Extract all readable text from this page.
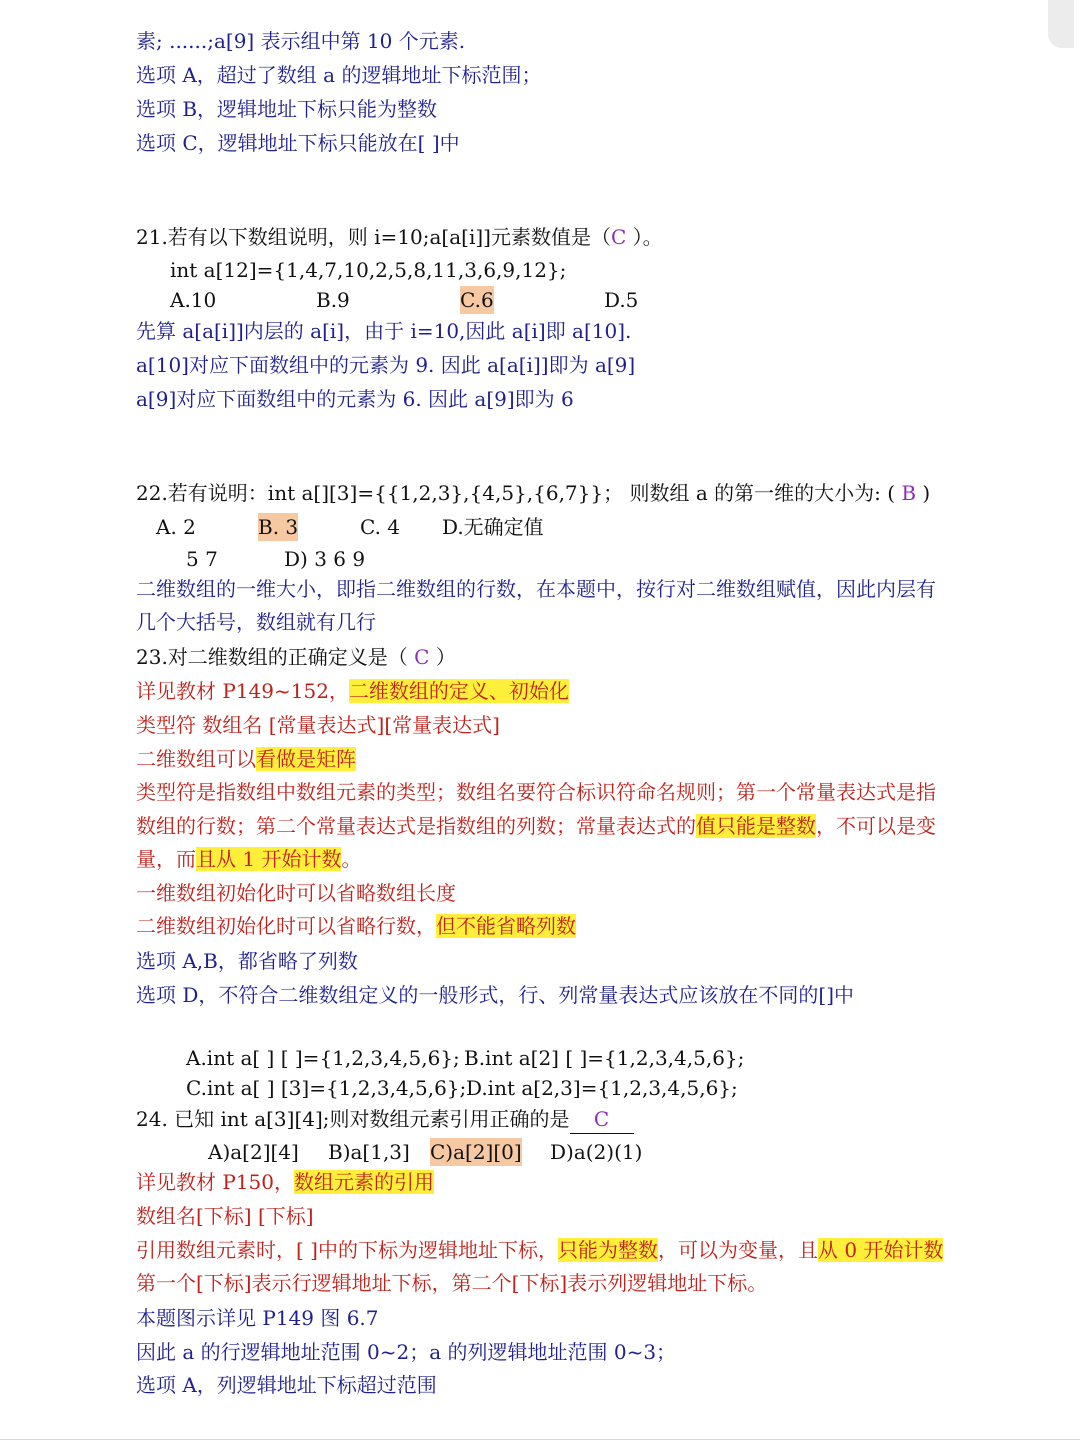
素; ......;a[9] 表示组中第 10 个元素.
选项 A，超过了数组 a 的逻辑地址下标范围；
选项 B，逻辑地址下标只能为整数
选项 C，逻辑地址下标只能放在[ ]中
21.若有以下数组说明，则 i=10;a[a[i]]元素数值是（C ）。
int a[12]={1,4,7,10,2,5,8,11,3,6,9,12};
A.10	B.9	C.6	D.5
先算 a[a[i]]内层的 a[i]，由于 i=10,因此 a[i]即 a[10].
a[10]对应下面数组中的元素为 9. 因此 a[a[i]]即为 a[9]
a[9]对应下面数组中的元素为 6. 因此 a[9]即为 6
22.若有说明：int a[][3]={{1,2,3},{4,5},{6,7}}； 则数组 a 的第一维的大小为: ( B )
A. 2	B. 3	C. 4 D.无确定值
5 7	D) 3 6 9
二维数组的一维大小，即指二维数组的行数，在本题中，按行对二维数组赋值，因此内层有
几个大括号，数组就有几行
23.对二维数组的正确定义是（ C ）
详见教材 P149~152，二维数组的定义、初始化
类型符 数组名 [常量表达式][常量表达式]
二维数组可以看做是矩阵
类型符是指数组中数组元素的类型；数组名要符合标识符命名规则；第一个常量表达式是指
数组的行数；第二个常量表达式是指数组的列数；常量表达式的值只能是整数，不可以是变
量，而且从 1 开始计数。
一维数组初始化时可以省略数组长度
二维数组初始化时可以省略行数，但不能省略列数
选项 A,B，都省略了列数
选项 D，不符合二维数组定义的一般形式，行、列常量表达式应该放在不同的[]中
A.int a[ ] [ ]={1,2,3,4,5,6}; B.int a[2] [ ]={1,2,3,4,5,6};
C.int a[ ] [3]={1,2,3,4,5,6}; D.int a[2,3]={1,2,3,4,5,6};
24. 已知 int a[3][4];则对数组元素引用正确的是 C
A)a[2][4] B)a[1,3] C)a[2][0] D)a(2)(1)
详见教材 P150，数组元素的引用
数组名[下标] [下标]
引用数组元素时，[ ]中的下标为逻辑地址下标，只能为整数，可以为变量，且从 0 开始计数
第一个[下标]表示行逻辑地址下标，第二个[下标]表示列逻辑地址下标。
本题图示详见 P149 图 6.7
因此 a 的行逻辑地址范围 0~2；a 的列逻辑地址范围 0~3；
选项 A，列逻辑地址下标超过范围
